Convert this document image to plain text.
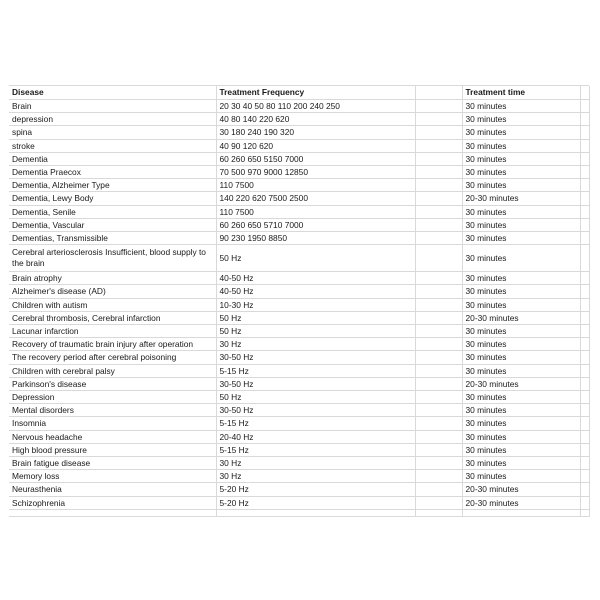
Disease	Treatment Frequency		Treatment time	
Brain	20 30 40 50 80 110 200 240 250		30 minutes	
depression	40 80 140 220 620		30 minutes	
spina	30 180 240 190 320		30 minutes	
stroke	40 90 120 620		30 minutes	
Dementia	60 260 650 5150 7000		30 minutes	
Dementia Praecox	70 500 970 9000 12850		30 minutes	
Dementia, Alzheimer Type	110 7500		30 minutes	
Dementia, Lewy Body	140 220 620 7500 2500		20-30 minutes	
Dementia, Senile	110 7500		30 minutes	
Dementia, Vascular	60 260 650 5710 7000		30 minutes	
Dementias, Transmissible	90 230 1950 8850		30 minutes	
Cerebral arteriosclerosis Insufficient, blood supply to the brain	50 Hz		30 minutes	
Brain atrophy	40-50 Hz		30 minutes	
Alzheimer's disease (AD)	40-50 Hz		30 minutes	
Children with autism	10-30 Hz		30 minutes	
Cerebral thrombosis, Cerebral infarction	50 Hz		20-30 minutes	
Lacunar infarction	50 Hz		30 minutes	
Recovery of traumatic brain injury after operation	30 Hz		30 minutes	
The recovery period after cerebral poisoning	30-50 Hz		30 minutes	
Children with cerebral palsy	5-15 Hz		30 minutes	
Parkinson's disease	30-50 Hz		20-30 minutes	
Depression	50 Hz		30 minutes	
Mental disorders	30-50 Hz		30 minutes	
Insomnia	5-15 Hz		30 minutes	
Nervous headache	20-40 Hz		30 minutes	
High blood pressure	5-15 Hz		30 minutes	
Brain fatigue disease	30 Hz		30 minutes	
Memory loss	30 Hz		30 minutes	
Neurasthenia	5-20 Hz		20-30 minutes	
Schizophrenia	5-20 Hz		20-30 minutes	
